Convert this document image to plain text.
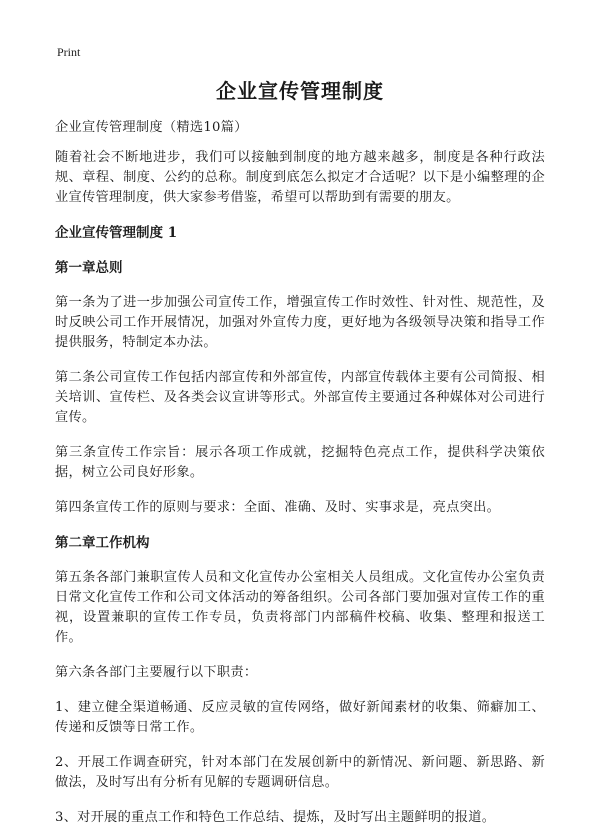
Print
企业宣传管理制度
企业宣传管理制度（精选10篇）
随着社会不断地进步，我们可以接触到制度的地方越来越多，制度是各种行政法规、章程、制度、公约的总称。制度到底怎么拟定才合适呢？以下是小编整理的企业宣传管理制度，供大家参考借鉴，希望可以帮助到有需要的朋友。
企业宣传管理制度 1
第一章总则
第一条为了进一步加强公司宣传工作，增强宣传工作时效性、针对性、规范性，及时反映公司工作开展情况，加强对外宣传力度，更好地为各级领导决策和指导工作提供服务，特制定本办法。
第二条公司宣传工作包括内部宣传和外部宣传，内部宣传载体主要有公司简报、相关培训、宣传栏、及各类会议宣讲等形式。外部宣传主要通过各种媒体对公司进行宣传。
第三条宣传工作宗旨：展示各项工作成就，挖掘特色亮点工作，提供科学决策依据，树立公司良好形象。
第四条宣传工作的原则与要求：全面、准确、及时、实事求是，亮点突出。
第二章工作机构
第五条各部门兼职宣传人员和文化宣传办公室相关人员组成。文化宣传办公室负责日常文化宣传工作和公司文体活动的筹备组织。公司各部门要加强对宣传工作的重视，设置兼职的宣传工作专员，负责将部门内部稿件校稿、收集、整理和报送工作。
第六条各部门主要履行以下职责：
1、建立健全渠道畅通、反应灵敏的宣传网络，做好新闻素材的收集、筛癖加工、传递和反馈等日常工作。
2、开展工作调查研究，针对本部门在发展创新中的新情况、新问题、新思路、新做法，及时写出有分析有见解的专题调研信息。
3、对开展的重点工作和特色工作总结、提炼，及时写出主题鲜明的报道。
